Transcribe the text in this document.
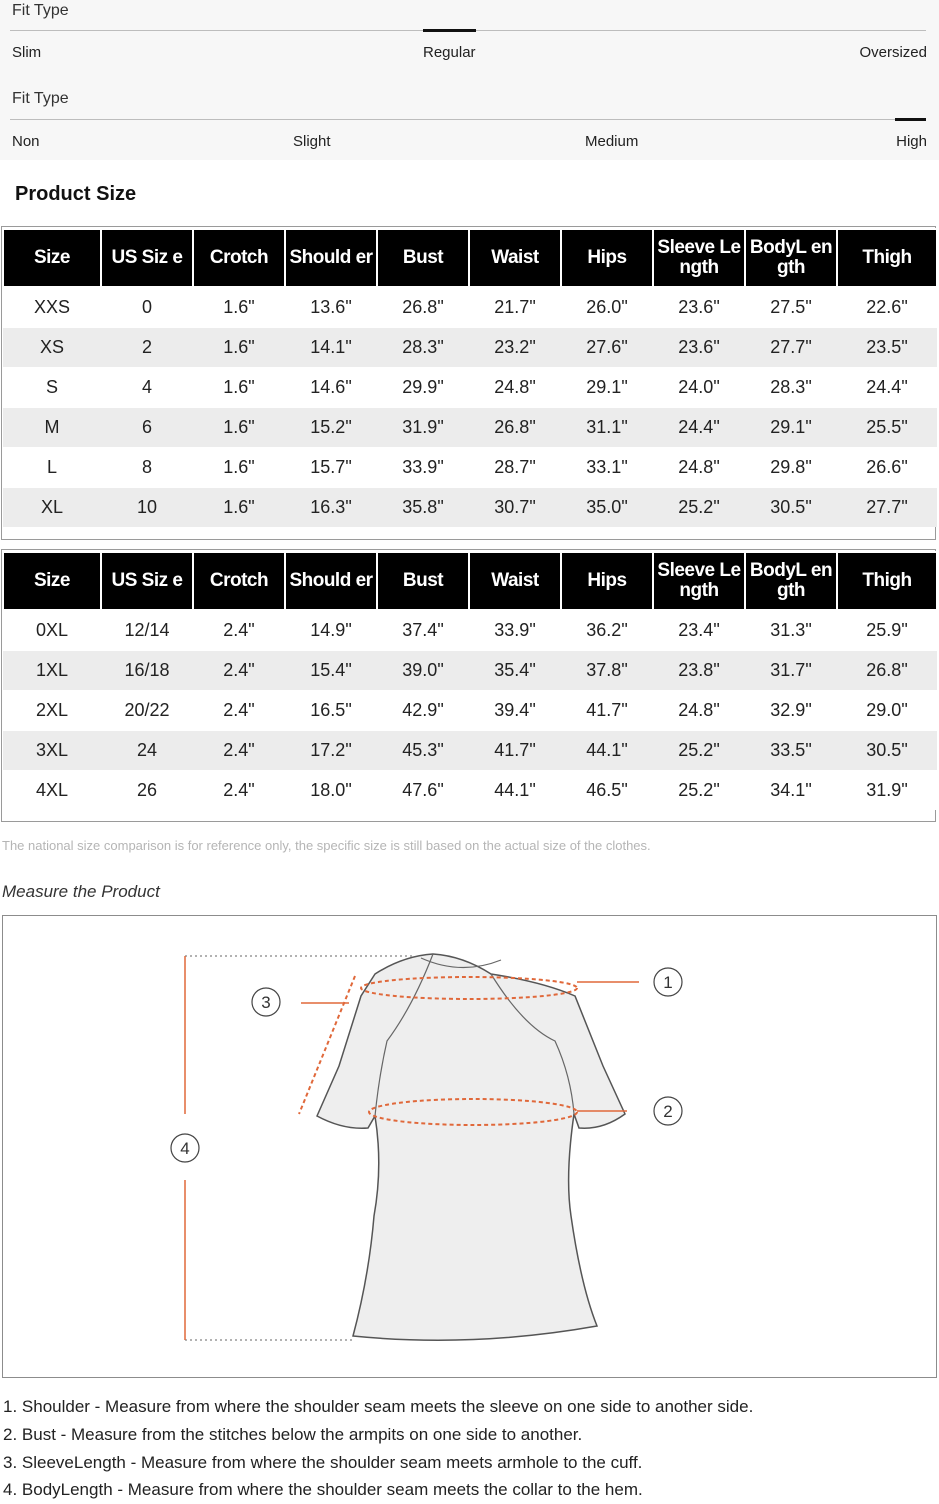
Fit Type
Slim	Regular	Oversized
Fit Type
Non	Slight	Medium	High
Product Size
Size	US Siz e	Crotch	Should er	Bust	Waist	Hips	Sleeve Length	BodyL ength	Thigh
XXS	0	1.6"	13.6"	26.8"	21.7"	26.0"	23.6"	27.5"	22.6"
XS	2	1.6"	14.1"	28.3"	23.2"	27.6"	23.6"	27.7"	23.5"
S	4	1.6"	14.6"	29.9"	24.8"	29.1"	24.0"	28.3"	24.4"
M	6	1.6"	15.2"	31.9"	26.8"	31.1"	24.4"	29.1"	25.5"
L	8	1.6"	15.7"	33.9"	28.7"	33.1"	24.8"	29.8"	26.6"
XL	10	1.6"	16.3"	35.8"	30.7"	35.0"	25.2"	30.5"	27.7"
Size	US Siz e	Crotch	Should er	Bust	Waist	Hips	Sleeve Length	BodyL ength	Thigh
0XL	12/14	2.4"	14.9"	37.4"	33.9"	36.2"	23.4"	31.3"	25.9"
1XL	16/18	2.4"	15.4"	39.0"	35.4"	37.8"	23.8"	31.7"	26.8"
2XL	20/22	2.4"	16.5"	42.9"	39.4"	41.7"	24.8"	32.9"	29.0"
3XL	24	2.4"	17.2"	45.3"	41.7"	44.1"	25.2"	33.5"	30.5"
4XL	26	2.4"	18.0"	47.6"	44.1"	46.5"	25.2"	34.1"	31.9"
The national size comparison is for reference only, the specific size is still based on the actual size of the clothes.
Measure the Product
1
2
3
4
1. Shoulder - Measure from where the shoulder seam meets the sleeve on one side to another side.
2. Bust - Measure from the stitches below the armpits on one side to another.
3. SleeveLength - Measure from where the shoulder seam meets armhole to the cuff.
4. BodyLength - Measure from where the shoulder seam meets the collar to the hem.
